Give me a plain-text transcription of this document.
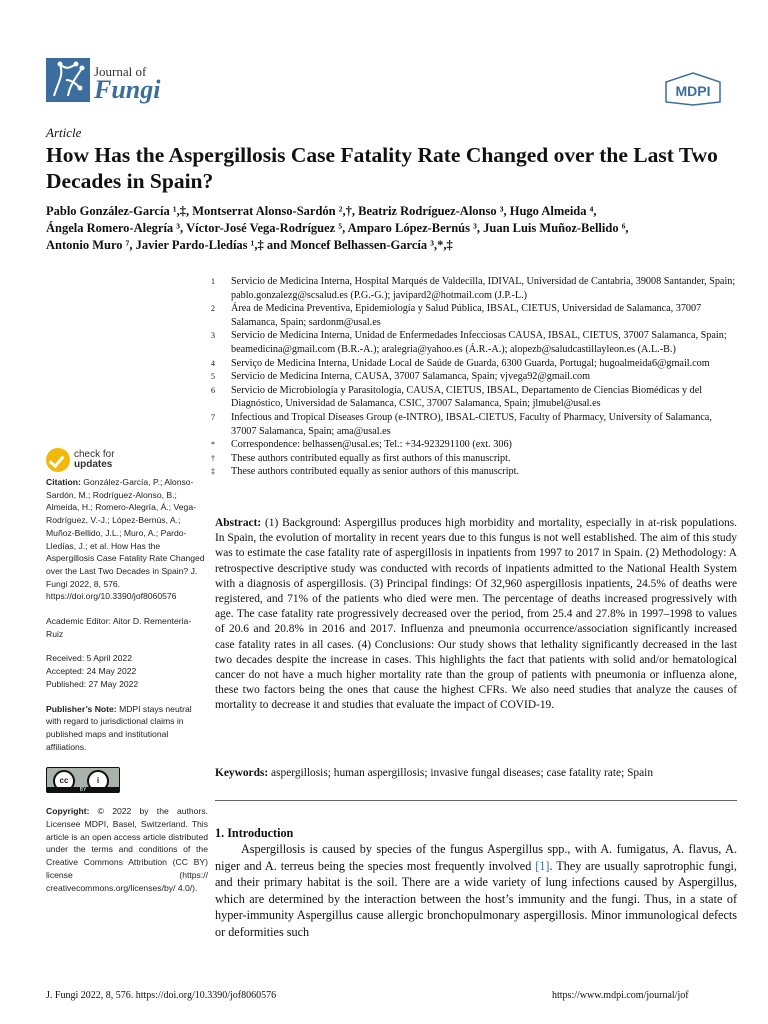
Journal of
Fungi	MDPI
Article
How Has the Aspergillosis Case Fatality Rate Changed over the Last Two Decades in Spain?
Pablo González-García ¹,‡, Montserrat Alonso-Sardón ²,†, Beatriz Rodríguez-Alonso ³, Hugo Almeida ⁴,
Ángela Romero-Alegría ³, Víctor-José Vega-Rodríguez ⁵, Amparo López-Bernús ³, Juan Luis Muñoz-Bellido ⁶,
Antonio Muro ⁷, Javier Pardo-Lledías ¹,‡ and Moncef Belhassen-García ³,*,‡
1	Servicio de Medicina Interna, Hospital Marqués de Valdecilla, IDIVAL, Universidad de Cantabria, 39008 Santander, Spain; pablo.gonzalezg@scsalud.es (P.G.-G.); javipard2@hotmail.com (J.P.-L.)
2	Área de Medicina Preventiva, Epidemiología y Salud Pública, IBSAL, CIETUS, Universidad de Salamanca, 37007 Salamanca, Spain; sardonm@usal.es
3	Servicio de Medicina Interna, Unidad de Enfermedades Infecciosas CAUSA, IBSAL, CIETUS, 37007 Salamanca, Spain; beamedicina@gmail.com (B.R.-A.); aralegria@yahoo.es (Á.R.-A.); alopezb@saludcastillayleon.es (A.L.-B.)
4	Serviço de Medicina Interna, Unidade Local de Saúde de Guarda, 6300 Guarda, Portugal; hugoalmeida6@gmail.com
5	Servicio de Medicina Interna, CAUSA, 37007 Salamanca, Spain; vjvega92@gmail.com
6	Servicio de Microbiología y Parasitología, CAUSA, CIETUS, IBSAL, Departamento de Ciencias Biomédicas y del Diagnóstico, Universidad de Salamanca, CSIC, 37007 Salamanca, Spain; jlmubel@usal.es
7	Infectious and Tropical Diseases Group (e-INTRO), IBSAL-CIETUS, Faculty of Pharmacy, University of Salamanca, 37007 Salamanca, Spain; ama@usal.es
*	Correspondence: belhassen@usal.es; Tel.: +34-923291100 (ext. 306)
†	These authors contributed equally as first authors of this manuscript.
‡	These authors contributed equally as senior authors of this manuscript.
check for
updates
Citation: González-García, P.; Alonso-Sardón, M.; Rodríguez-Alonso, B.; Almeida, H.; Romero-Alegría, Á.; Vega-Rodríguez, V.-J.; López-Bernús, A.; Muñoz-Bellido, J.L.; Muro, A.; Pardo-Lledías, J.; et al. How Has the Aspergillosis Case Fatality Rate Changed over the Last Two Decades in Spain? J. Fungi 2022, 8, 576. https://doi.org/10.3390/jof8060576
Academic Editor: Aitor D. Rementeria-Ruiz
Received: 5 April 2022
Accepted: 24 May 2022
Published: 27 May 2022
Publisher’s Note: MDPI stays neutral with regard to jurisdictional claims in published maps and institutional affiliations.
cc	i
BY
Copyright: © 2022 by the authors. Licensee MDPI, Basel, Switzerland. This article is an open access article distributed under the terms and conditions of the Creative Commons Attribution (CC BY) license (https:// creativecommons.org/licenses/by/ 4.0/).
Abstract: (1) Background: Aspergillus produces high morbidity and mortality, especially in at-risk populations. In Spain, the evolution of mortality in recent years due to this fungus is not well established. The aim of this study was to estimate the case fatality rate of aspergillosis in inpatients from 1997 to 2017 in Spain. (2) Methodology: A retrospective descriptive study was conducted with records of inpatients admitted to the National Health System with a diagnosis of aspergillosis. (3) Principal findings: Of 32,960 aspergillosis inpatients, 24.5% of deaths were registered, and 71% of the patients who died were men. The percentage of deaths increased progressively with age. The case fatality rate progressively decreased over the period, from 25.4 and 27.8% in 1997–1998 to values of 20.6 and 20.8% in 2016 and 2017. Influenza and pneumonia occurrence/association significantly increased case fatality rates in all cases. (4) Conclusions: Our study shows that lethality significantly decreased in the last two decades despite the increase in cases. This highlights the fact that patients with solid and/or hematological cancer do not have a much higher mortality rate than the group of patients with pneumonia or influenza alone, these two factors being the ones that cause the highest CFRs. We also need studies that analyze the causes of mortality to decrease it and studies that evaluate the impact of COVID-19.
Keywords: aspergillosis; human aspergillosis; invasive fungal diseases; case fatality rate; Spain
1. Introduction
Aspergillosis is caused by species of the fungus Aspergillus spp., with A. fumigatus, A. flavus, A. niger and A. terreus being the species most frequently involved [1]. They are usually saprotrophic fungi, and their primary habitat is the soil. There are a wide variety of lung infections caused by Aspergillus, which are determined by the interaction between the host’s immunity and the fungi. Thus, in a state of hyper-immunity Aspergillus cause allergic bronchopulmonary aspergillosis. Minor immunological defects or deformities such
J. Fungi 2022, 8, 576. https://doi.org/10.3390/jof8060576	https://www.mdpi.com/journal/jof
